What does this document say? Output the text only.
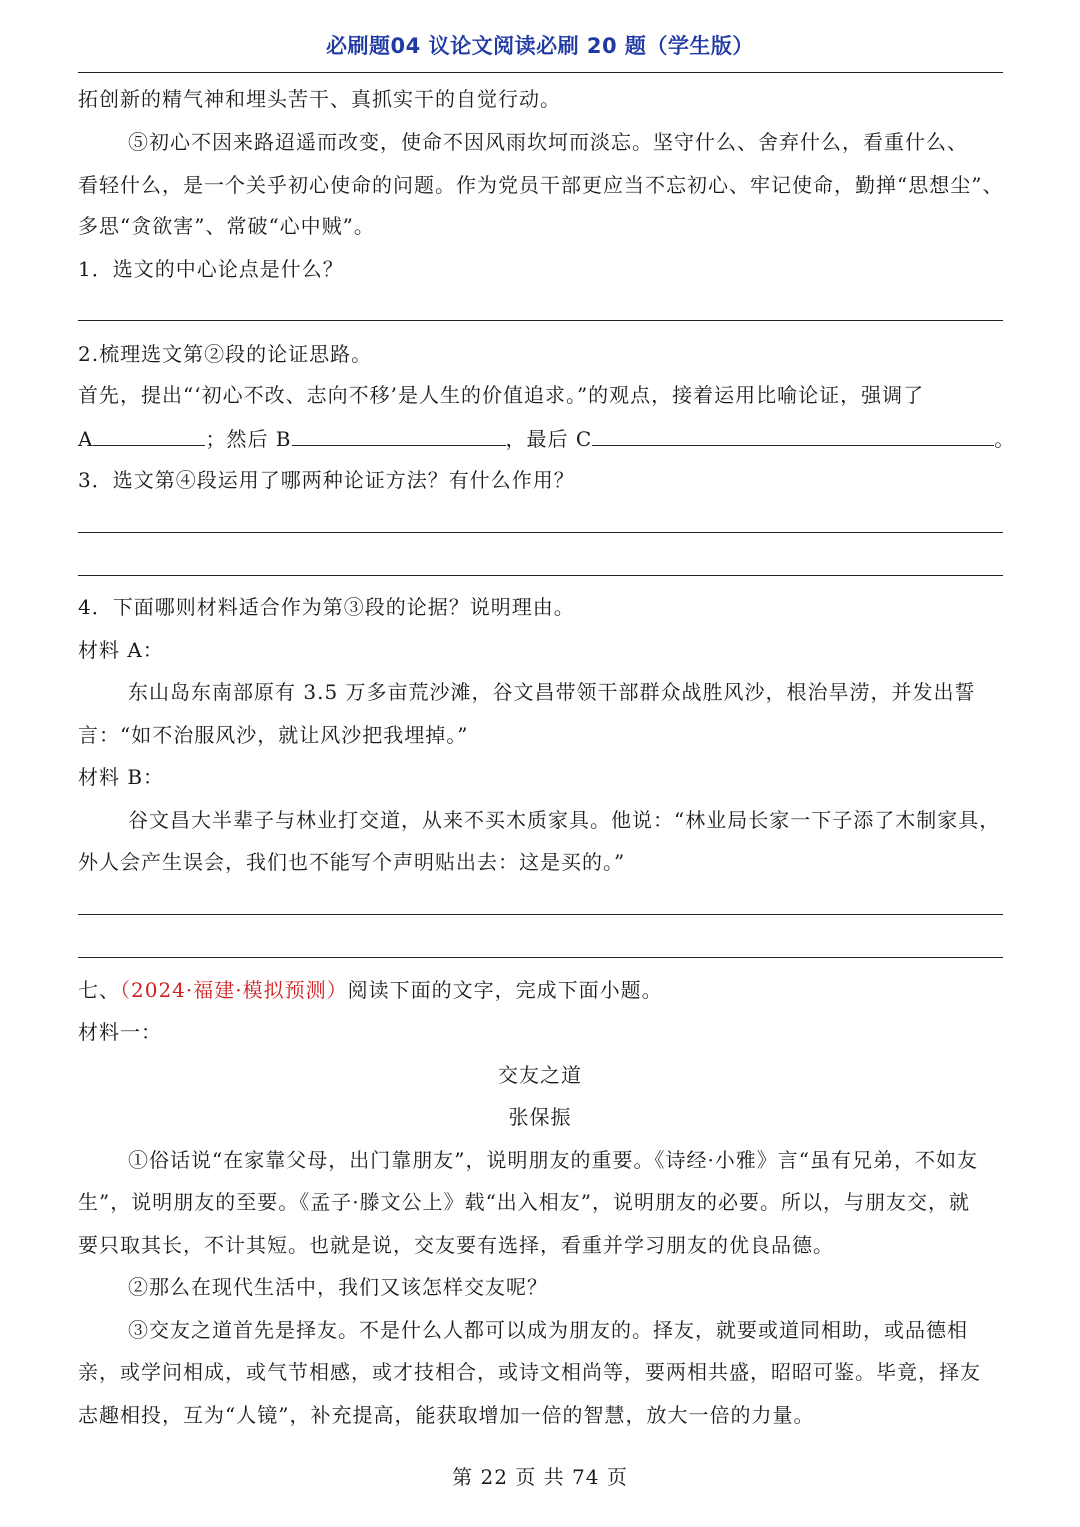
必刷题04 议论文阅读必刷 20 题（学生版）
拓创新的精气神和埋头苦干、真抓实干的自觉行动。
⑤初心不因来路迢遥而改变，使命不因风雨坎坷而淡忘。坚守什么、舍弃什么，看重什么、
看轻什么，是一个关乎初心使命的问题。作为党员干部更应当不忘初心、牢记使命，勤掸“思想尘”、
多思“贪欲害”、常破“心中贼”。
1．选文的中心论点是什么？
2.梳理选文第②段的论证思路。
首先，提出“‘初心不改、志向不移’是人生的价值追求。”的观点，接着运用比喻论证，强调了
A	；然后 B	，最后 C	。
3．选文第④段运用了哪两种论证方法？有什么作用？
4．下面哪则材料适合作为第③段的论据？说明理由。
材料 A：
东山岛东南部原有 3.5 万多亩荒沙滩，谷文昌带领干部群众战胜风沙，根治旱涝，并发出誓
言：“如不治服风沙，就让风沙把我埋掉。”
材料 B：
谷文昌大半辈子与林业打交道，从来不买木质家具。他说：“林业局长家一下子添了木制家具，
外人会产生误会，我们也不能写个声明贴出去：这是买的。”
七、（2024·福建·模拟预测）阅读下面的文字，完成下面小题。
材料一：
交友之道
张保振
①俗话说“在家靠父母，出门靠朋友”，说明朋友的重要。《诗经·小雅》言“虽有兄弟，不如友
生”，说明朋友的至要。《孟子·滕文公上》载“出入相友”，说明朋友的必要。所以，与朋友交，就
要只取其长，不计其短。也就是说，交友要有选择，看重并学习朋友的优良品德。
②那么在现代生活中，我们又该怎样交友呢？
③交友之道首先是择友。不是什么人都可以成为朋友的。择友，就要或道同相助，或品德相
亲，或学问相成，或气节相感，或才技相合，或诗文相尚等，要两相共盛，昭昭可鉴。毕竟，择友
志趣相投，互为“人镜”，补充提高，能获取增加一倍的智慧，放大一倍的力量。
第 22 页 共 74 页
